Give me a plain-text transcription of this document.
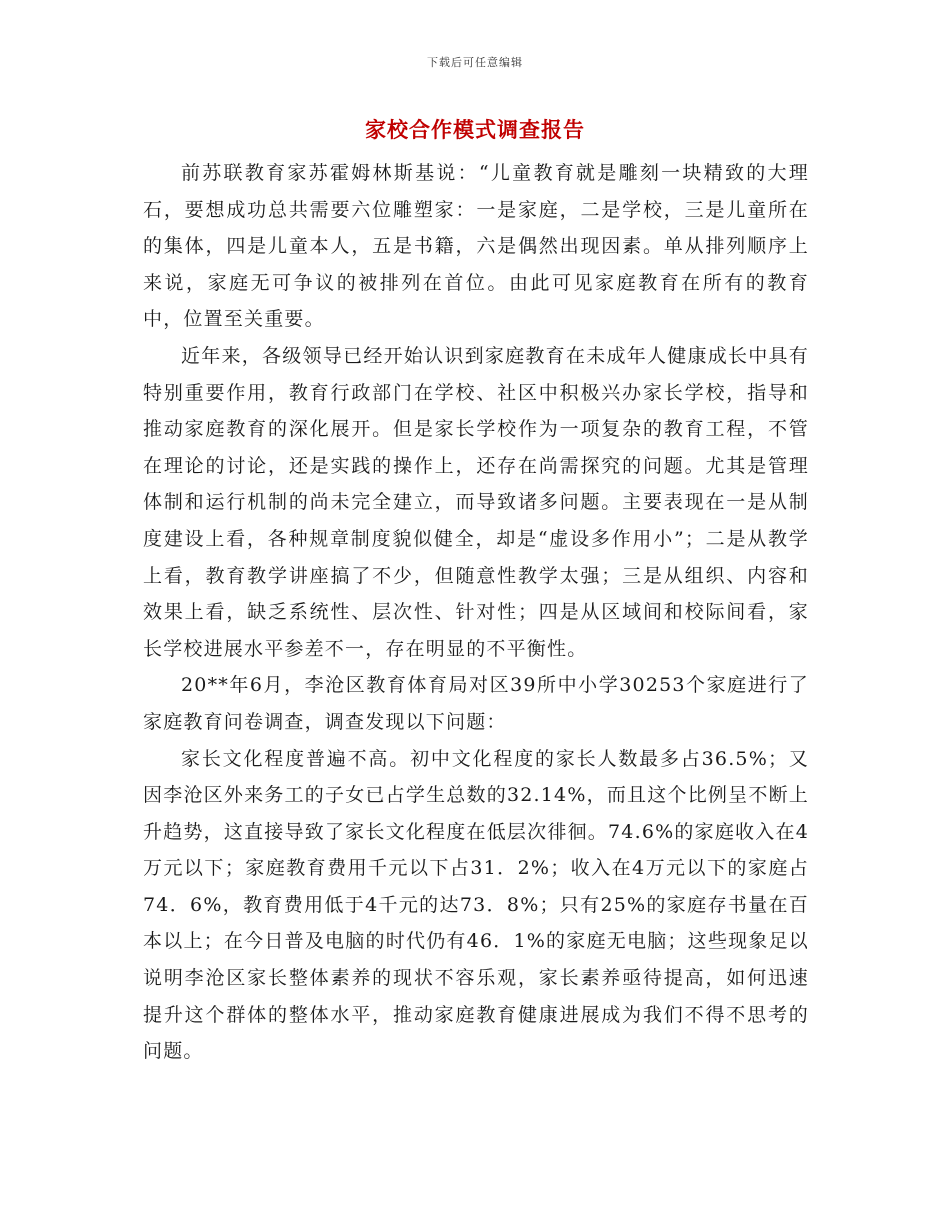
下载后可任意编辑
家校合作模式调查报告

前苏联教育家苏霍姆林斯基说：“儿童教育就是雕刻一块精致的大理石，要想成功总共需要六位雕塑家：一是家庭，二是学校，三是儿童所在的集体，四是儿童本人，五是书籍，六是偶然出现因素。单从排列顺序上来说，家庭无可争议的被排列在首位。由此可见家庭教育在所有的教育中，位置至关重要。

近年来，各级领导已经开始认识到家庭教育在未成年人健康成长中具有特别重要作用，教育行政部门在学校、社区中积极兴办家长学校，指导和推动家庭教育的深化展开。但是家长学校作为一项复杂的教育工程，不管在理论的讨论，还是实践的操作上，还存在尚需探究的问题。尤其是管理体制和运行机制的尚未完全建立，而导致诸多问题。主要表现在一是从制度建设上看，各种规章制度貌似健全，却是“虚设多作用小”；二是从教学上看，教育教学讲座搞了不少，但随意性教学太强；三是从组织、内容和效果上看，缺乏系统性、层次性、针对性；四是从区域间和校际间看，家长学校进展水平参差不一，存在明显的不平衡性。

20**年6月，李沧区教育体育局对区39所中小学30253个家庭进行了家庭教育问卷调查，调查发现以下问题：

家长文化程度普遍不高。初中文化程度的家长人数最多占36.5%；又因李沧区外来务工的子女已占学生总数的32.14%，而且这个比例呈不断上升趋势，这直接导致了家长文化程度在低层次徘徊。74.6%的家庭收入在4万元以下；家庭教育费用千元以下占31．2%；收入在4万元以下的家庭占74．6%，教育费用低于4千元的达73．8%；只有25%的家庭存书量在百本以上；在今日普及电脑的时代仍有46．1%的家庭无电脑；这些现象足以说明李沧区家长整体素养的现状不容乐观，家长素养亟待提高，如何迅速提升这个群体的整体水平，推动家庭教育健康进展成为我们不得不思考的问题。
